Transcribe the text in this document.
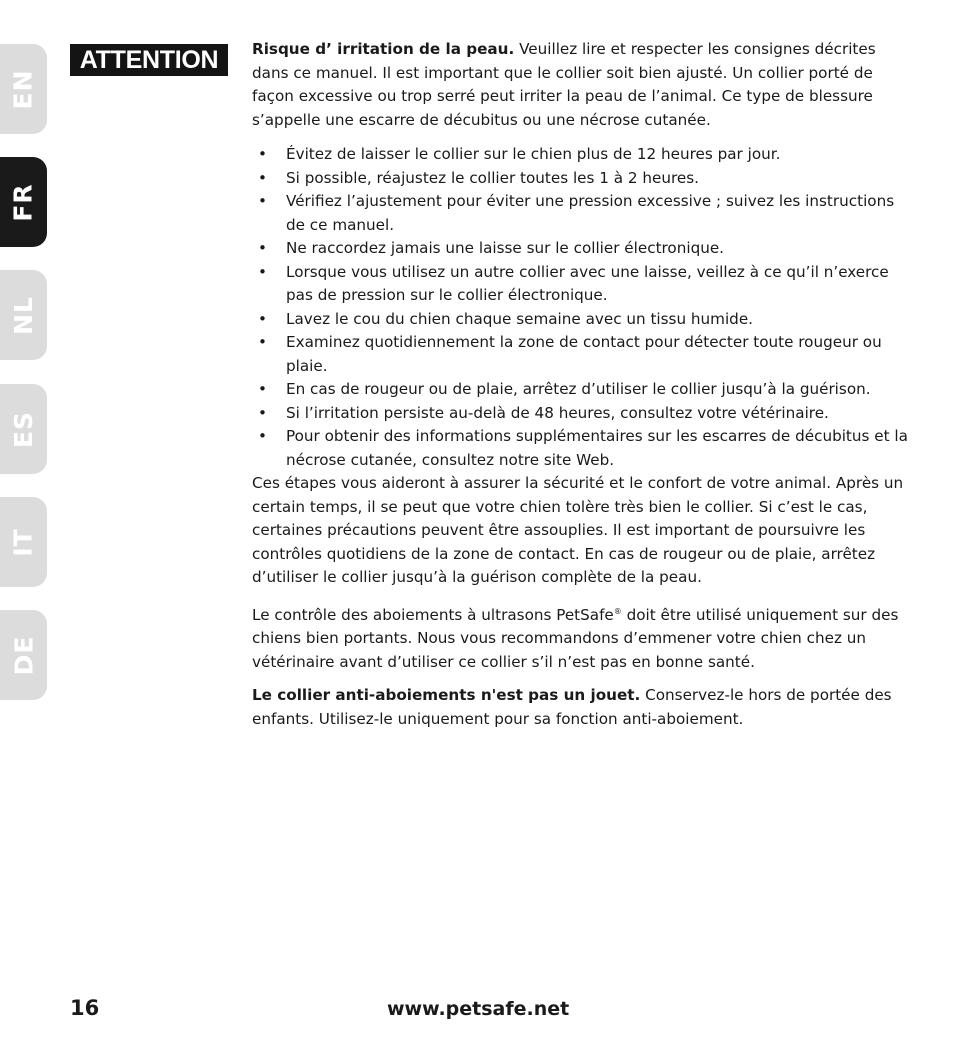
EN
FR
NL
ES
IT
DE
ATTENTION	Risque d’ irritation de la peau. Veuillez lire et respecter les consignes décrites dans ce manuel. Il est important que le collier soit bien ajusté. Un collier porté de façon excessive ou trop serré peut irriter la peau de l’animal. Ce type de blessure s’appelle une escarre de décubitus ou une nécrose cutanée.

• Évitez de laisser le collier sur le chien plus de 12 heures par jour.
• Si possible, réajustez le collier toutes les 1 à 2 heures.
• Vérifiez l’ajustement pour éviter une pression excessive ; suivez les instructions de ce manuel.
• Ne raccordez jamais une laisse sur le collier électronique.
• Lorsque vous utilisez un autre collier avec une laisse, veillez à ce qu’il n’exerce pas de pression sur le collier électronique.
• Lavez le cou du chien chaque semaine avec un tissu humide.
• Examinez quotidiennement la zone de contact pour détecter toute rougeur ou plaie.
• En cas de rougeur ou de plaie, arrêtez d’utiliser le collier jusqu’à la guérison.
• Si l’irritation persiste au-delà de 48 heures, consultez votre vétérinaire.
• Pour obtenir des informations supplémentaires sur les escarres de décubitus et la nécrose cutanée, consultez notre site Web.

Ces étapes vous aideront à assurer la sécurité et le confort de votre animal. Après un certain temps, il se peut que votre chien tolère très bien le collier. Si c’est le cas, certaines précautions peuvent être assouplies. Il est important de poursuivre les contrôles quotidiens de la zone de contact. En cas de rougeur ou de plaie, arrêtez d’utiliser le collier jusqu’à la guérison complète de la peau.

Le contrôle des aboiements à ultrasons PetSafe® doit être utilisé uniquement sur des chiens bien portants. Nous vous recommandons d’emmener votre chien chez un vétérinaire avant d’utiliser ce collier s’il n’est pas en bonne santé.

Le collier anti-aboiements n'est pas un jouet. Conservez-le hors de portée des enfants. Utilisez-le uniquement pour sa fonction anti-aboiement.

16	www.petsafe.net
